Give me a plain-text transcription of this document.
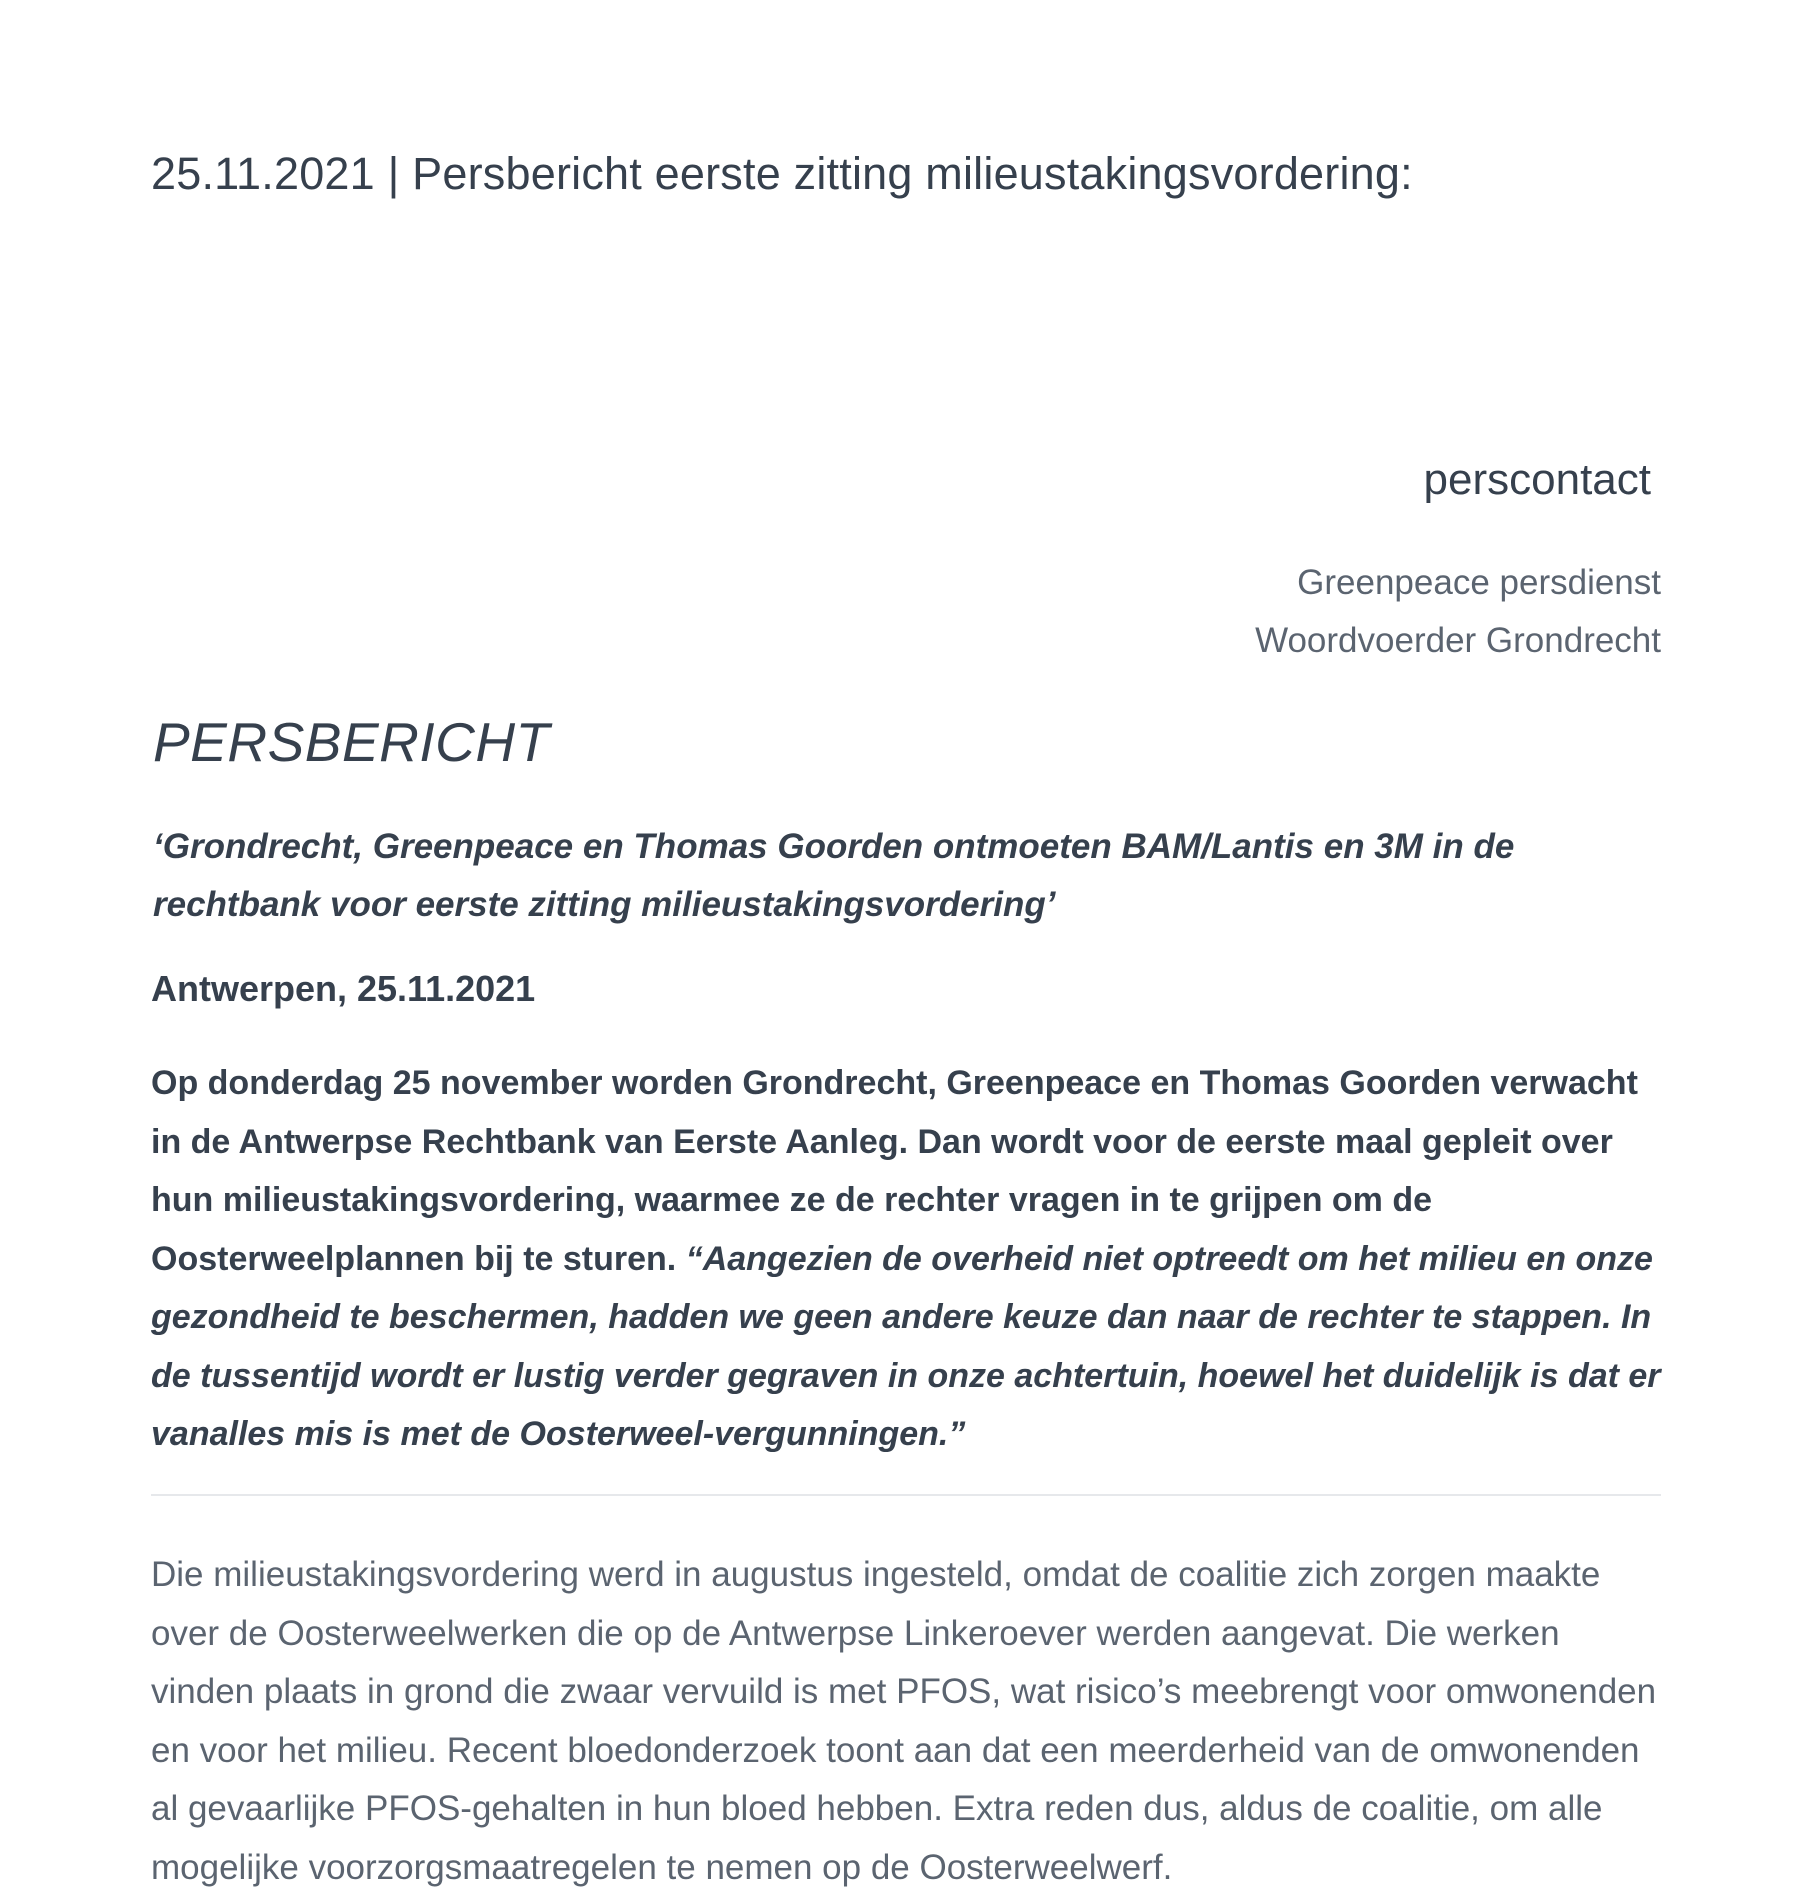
25.11.2021 | Persbericht eerste zitting milieustakingsvordering:
perscontact
Greenpeace persdienst
Woordvoerder Grondrecht
PERSBERICHT

‘Grondrecht, Greenpeace en Thomas Goorden ontmoeten BAM/Lantis en 3M in de rechtbank voor eerste zitting milieustakingsvordering’

Antwerpen, 25.11.2021

Op donderdag 25 november worden Grondrecht, Greenpeace en Thomas Goorden verwacht in de Antwerpse Rechtbank van Eerste Aanleg. Dan wordt voor de eerste maal gepleit over hun milieustakingsvordering, waarmee ze de rechter vragen in te grijpen om de Oosterweelplannen bij te sturen. “Aangezien de overheid niet optreedt om het milieu en onze gezondheid te beschermen, hadden we geen andere keuze dan naar de rechter te stappen. In de tussentijd wordt er lustig verder gegraven in onze achtertuin, hoewel het duidelijk is dat er vanalles mis is met de Oosterweel-vergunningen.”

Die milieustakingsvordering werd in augustus ingesteld, omdat de coalitie zich zorgen maakte over de Oosterweelwerken die op de Antwerpse Linkeroever werden aangevat. Die werken vinden plaats in grond die zwaar vervuild is met PFOS, wat risico’s meebrengt voor omwonenden en voor het milieu. Recent bloedonderzoek toont aan dat een meerderheid van de omwonenden al gevaarlijke PFOS-gehalten in hun bloed hebben. Extra reden dus, aldus de coalitie, om alle mogelijke voorzorgsmaatregelen te nemen op de Oosterweelwerf.
